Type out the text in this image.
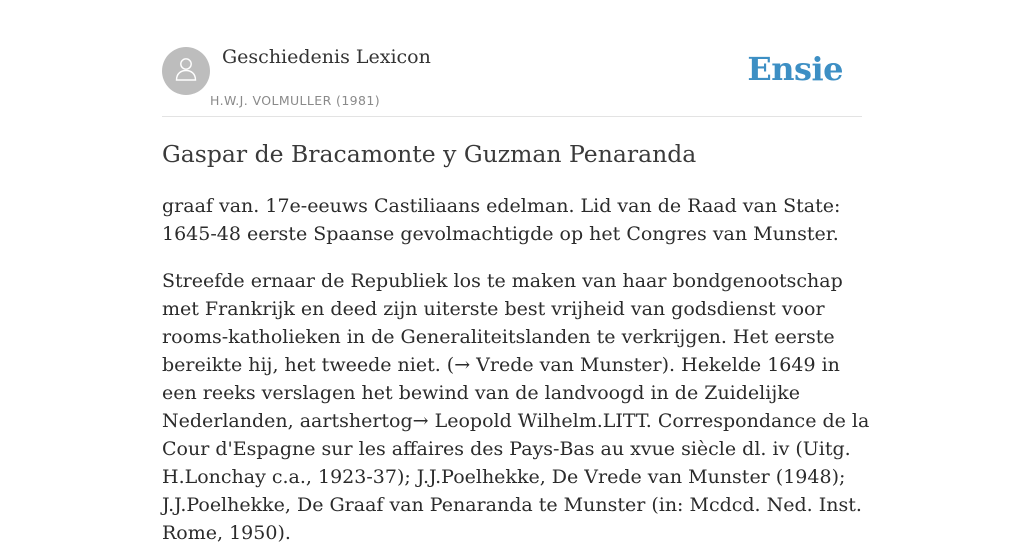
Geschiedenis Lexicon
H.W.J. VOLMULLER (1981)
Ensie
Gaspar de Bracamonte y Guzman Penaranda

graaf van. 17e-eeuws Castiliaans edelman. Lid van de Raad van State: 1645-48 eerste Spaanse gevolmachtigde op het Congres van Munster.

Streefde ernaar de Republiek los te maken van haar bondgenootschap met Frankrijk en deed zijn uiterste best vrijheid van godsdienst voor rooms-katholieken in de Generaliteitslanden te verkrijgen. Het eerste bereikte hij, het tweede niet. (→ Vrede van Munster). Hekelde 1649 in een reeks verslagen het bewind van de landvoogd in de Zuidelijke Nederlanden, aartshertog→ Leopold Wilhelm.LITT. Correspondance de la Cour d'Espagne sur les affaires des Pays-Bas au xvue siècle dl. iv (Uitg. H.Lonchay c.a., 1923-37); J.J.Poelhekke, De Vrede van Munster (1948); J.J.Poelhekke, De Graaf van Penaranda te Munster (in: Mcdcd. Ned. Inst. Rome, 1950).
